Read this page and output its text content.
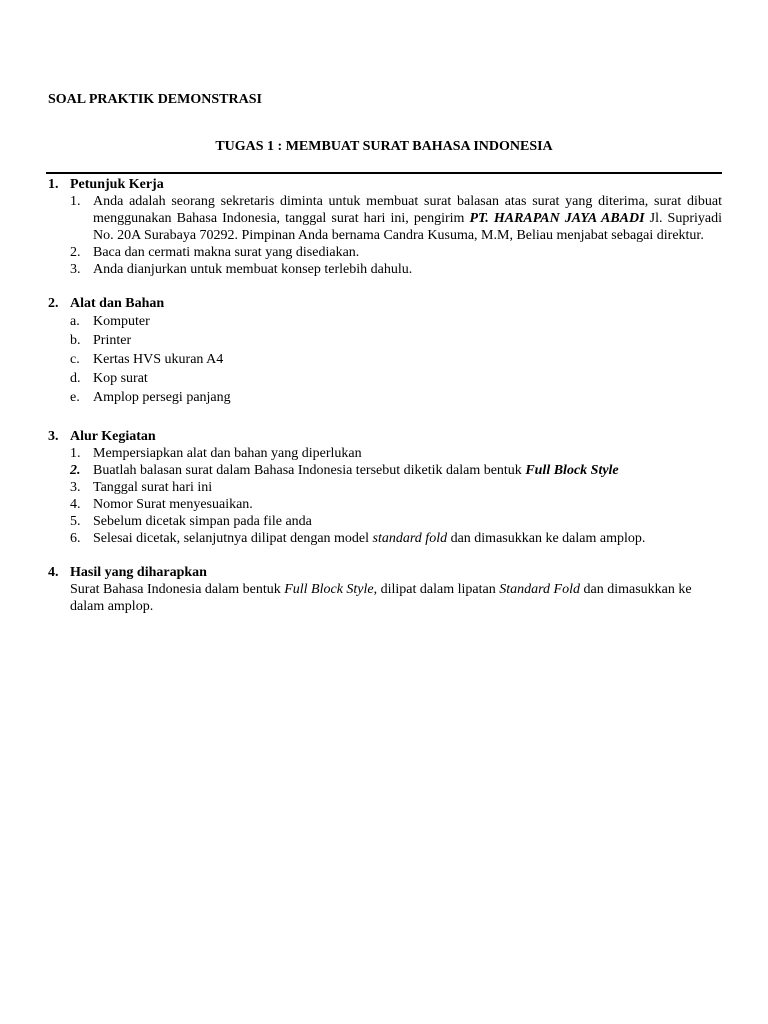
SOAL PRAKTIK DEMONSTRASI
TUGAS 1 : MEMBUAT SURAT BAHASA INDONESIA
1. Petunjuk Kerja
1. Anda adalah seorang sekretaris diminta untuk membuat surat balasan atas surat yang diterima, surat dibuat menggunakan Bahasa Indonesia, tanggal surat hari ini, pengirim PT. HARAPAN JAYA ABADI Jl. Supriyadi No. 20A Surabaya 70292. Pimpinan Anda bernama Candra Kusuma, M.M, Beliau menjabat sebagai direktur.
2. Baca dan cermati makna surat yang disediakan.
3. Anda dianjurkan untuk membuat konsep terlebih dahulu.
2. Alat dan Bahan
a. Komputer
b. Printer
c. Kertas HVS ukuran A4
d. Kop surat
e. Amplop persegi panjang
3. Alur Kegiatan
1. Mempersiapkan alat dan bahan yang diperlukan
2. Buatlah balasan surat dalam Bahasa Indonesia tersebut diketik dalam bentuk Full Block Style
3. Tanggal surat hari ini
4. Nomor Surat menyesuaikan.
5. Sebelum dicetak simpan pada file anda
6. Selesai dicetak, selanjutnya dilipat dengan model standard fold dan dimasukkan ke dalam amplop.
4. Hasil yang diharapkan
Surat Bahasa Indonesia dalam bentuk Full Block Style, dilipat dalam lipatan Standard Fold dan dimasukkan ke dalam amplop.
